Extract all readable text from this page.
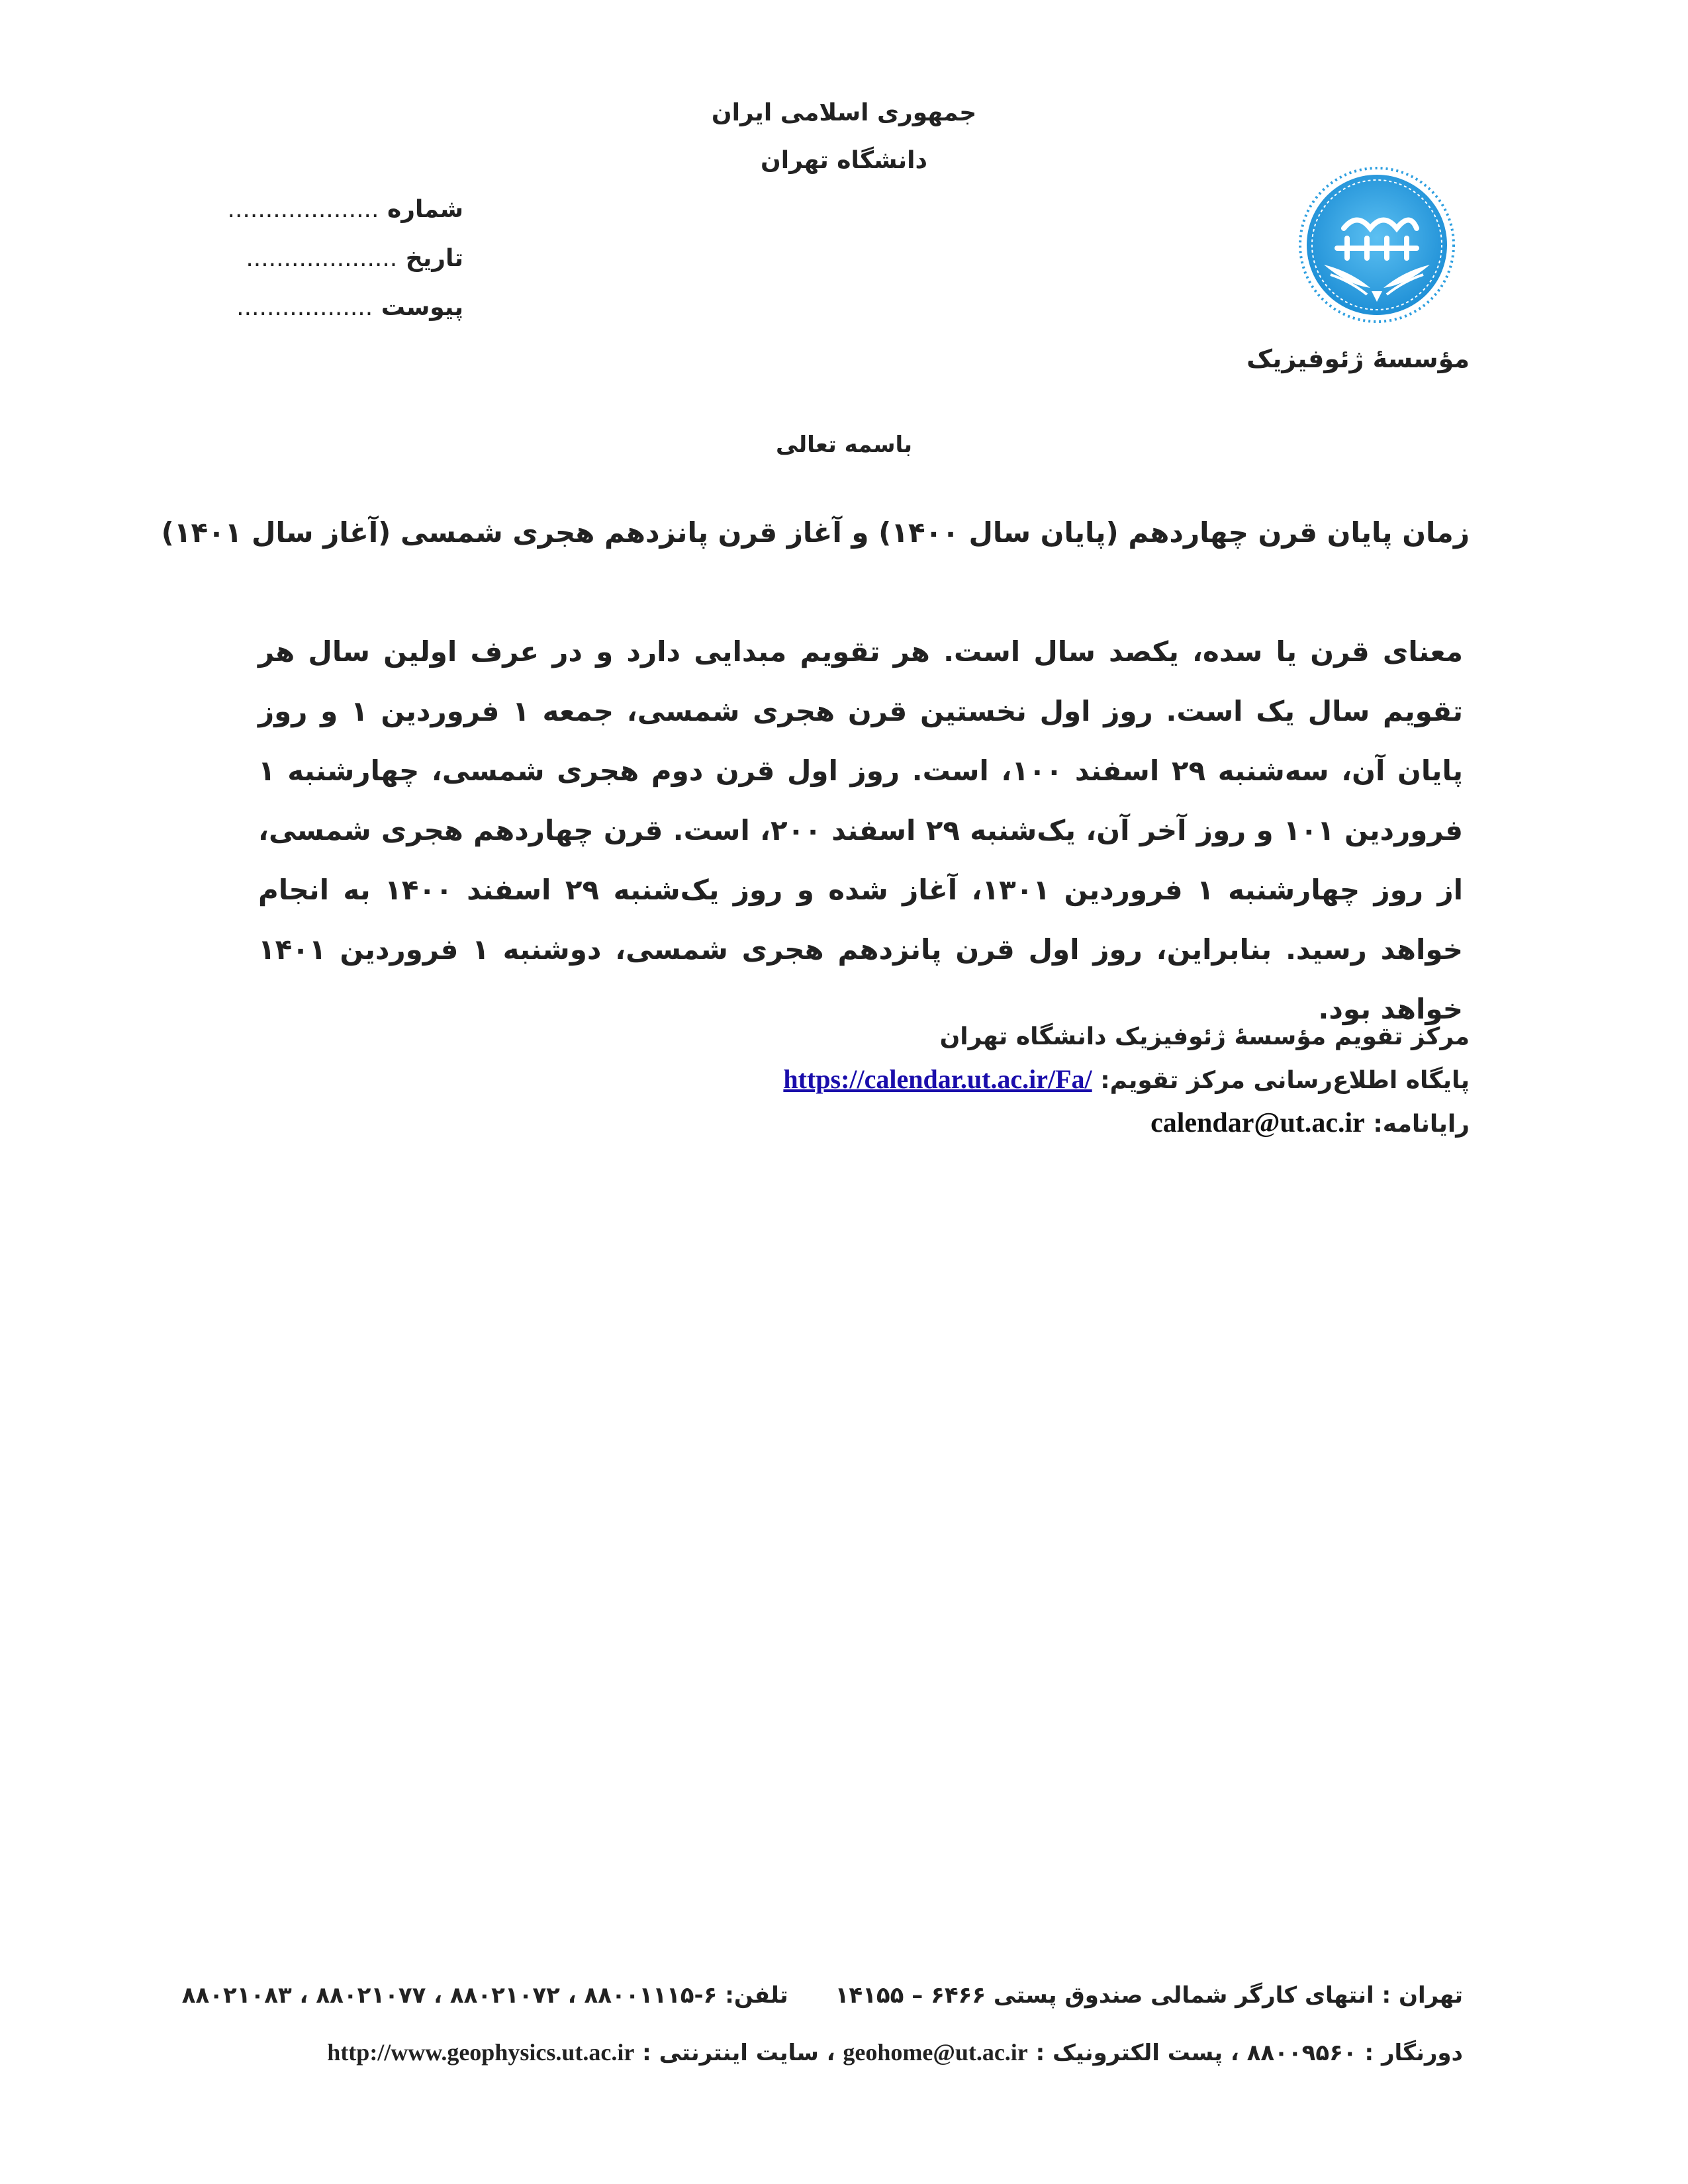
جمهوری اسلامی ایران
دانشگاه تهران
شماره ....................
تاریخ ....................
پیوست ..................
مؤسسهٔ ژئوفیزیک
باسمه تعالی
زمان پایان قرن چهاردهم (پایان سال ۱۴۰۰) و آغاز قرن پانزدهم هجری شمسی (آغاز سال ۱۴۰۱)
معنای قرن یا سده، یکصد سال است. هر تقویم مبدایی دارد و در عرف اولین سال هر تقویم سال یک است. روز اول نخستین قرن هجری شمسی، جمعه ۱ فروردین ۱ و روز پایان آن، سه‌شنبه ۲۹ اسفند ۱۰۰، است. روز اول قرن دوم هجری شمسی، چهارشنبه ۱ فروردین ۱۰۱ و روز آخر آن، یک‌شنبه ۲۹ اسفند ۲۰۰، است. قرن چهاردهم هجری شمسی، از روز چهارشنبه ۱ فروردین ۱۳۰۱، آغاز شده و روز یک‌شنبه ۲۹ اسفند ۱۴۰۰ به انجام خواهد رسید. بنابراین، روز اول قرن پانزدهم هجری شمسی، دوشنبه ۱ فروردین ۱۴۰۱ خواهد بود.
مرکز تقویم مؤسسهٔ ژئوفیزیک دانشگاه تهران
پایگاه اطلاع‌رسانی مرکز تقویم: https://calendar.ut.ac.ir/Fa/
رایانامه: calendar@ut.ac.ir
تهران : انتهای کارگر شمالی صندوق پستی ۶۴۶۶ – ۱۴۱۵۵      تلفن: ۶-۸۸۰۰۱۱۱۵ ، ۸۸۰۲۱۰۷۲ ، ۸۸۰۲۱۰۷۷ ، ۸۸۰۲۱۰۸۳
دورنگار : ۸۸۰۰۹۵۶۰ ، پست الکترونیک : geohome@ut.ac.ir ، سایت اینترنتی : http://www.geophysics.ut.ac.ir
